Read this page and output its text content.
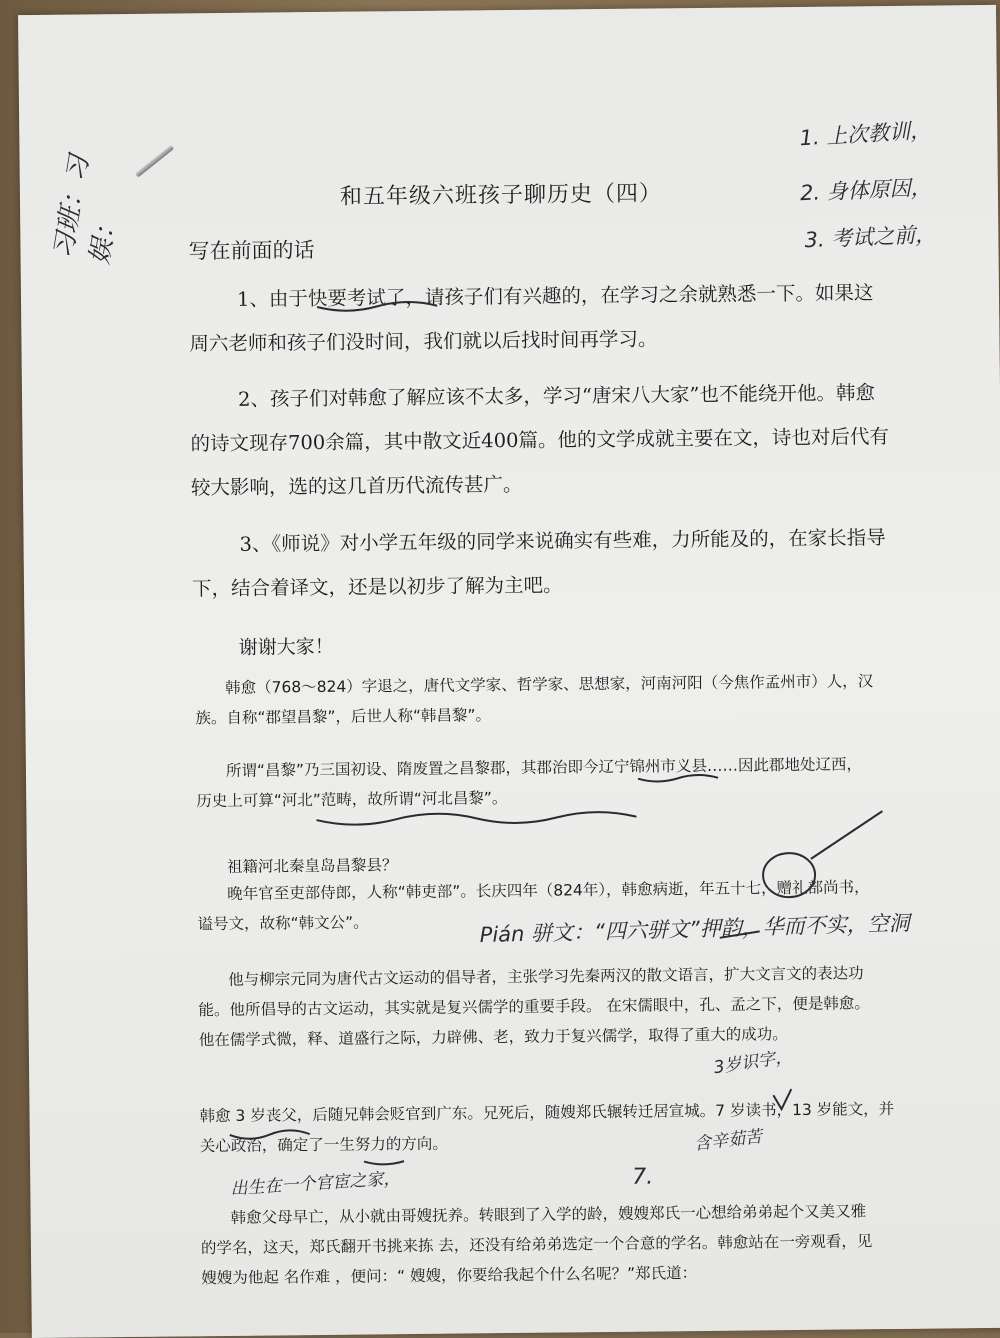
和五年级六班孩子聊历史（四）
写在前面的话
1、由于快要考试了，请孩子们有兴趣的，在学习之余就熟悉一下。如果这周六老师和孩子们没时间，我们就以后找时间再学习。
2、孩子们对韩愈了解应该不太多，学习“唐宋八大家”也不能绕开他。韩愈的诗文现存700余篇，其中散文近400篇。他的文学成就主要在文，诗也对后代有较大影响，选的这几首历代流传甚广。
3、《师说》对小学五年级的同学来说确实有些难，力所能及的，在家长指导下，结合着译文，还是以初步了解为主吧。
谢谢大家！
韩愈（768～824）字退之，唐代文学家、哲学家、思想家，河南河阳（今焦作孟州市）人，汉族。自称“郡望昌黎”，后世人称“韩昌黎”。
所谓“昌黎”乃三国初设、隋废置之昌黎郡，其郡治即今辽宁锦州市义县……因此郡地处辽西，历史上可算“河北”范畴，故所谓“河北昌黎”。
祖籍河北秦皇岛昌黎县？
晚年官至吏部侍郎，人称“韩吏部”。长庆四年（824年），韩愈病逝，年五十七，赠礼部尚书，谥号文，故称“韩文公”。
他与柳宗元同为唐代古文运动的倡导者，主张学习先秦两汉的散文语言，扩大文言文的表达功能。他所倡导的古文运动，其实就是复兴儒学的重要手段。 在宋儒眼中，孔、孟之下，便是韩愈。他在儒学式微，释、道盛行之际，力辟佛、老，致力于复兴儒学，取得了重大的成功。
韩愈 3 岁丧父，后随兄韩会贬官到广东。兄死后，随嫂郑氏辗转迁居宣城。7 岁读书，13 岁能文，并关心政治，确定了一生努力的方向。
韩愈父母早亡，从小就由哥嫂抚养。转眼到了入学的龄，嫂嫂郑氏一心想给弟弟起个又美又雅的学名，这天，郑氏翻开书挑来拣 去，还没有给弟弟选定一个合意的学名。韩愈站在一旁观看，见嫂嫂为他起 名作难 ，便问：“ 嫂嫂，你要给我起个什么名呢？”郑氏道：
1. 上次教训，
2. 身体原因，
3. 考试之前，
习班：习娱：
Pián 骈文：“四六骈文”押韵，华而不实，空洞
3岁识字，
含辛茹苦
出生在一个官宦之家，	7.
